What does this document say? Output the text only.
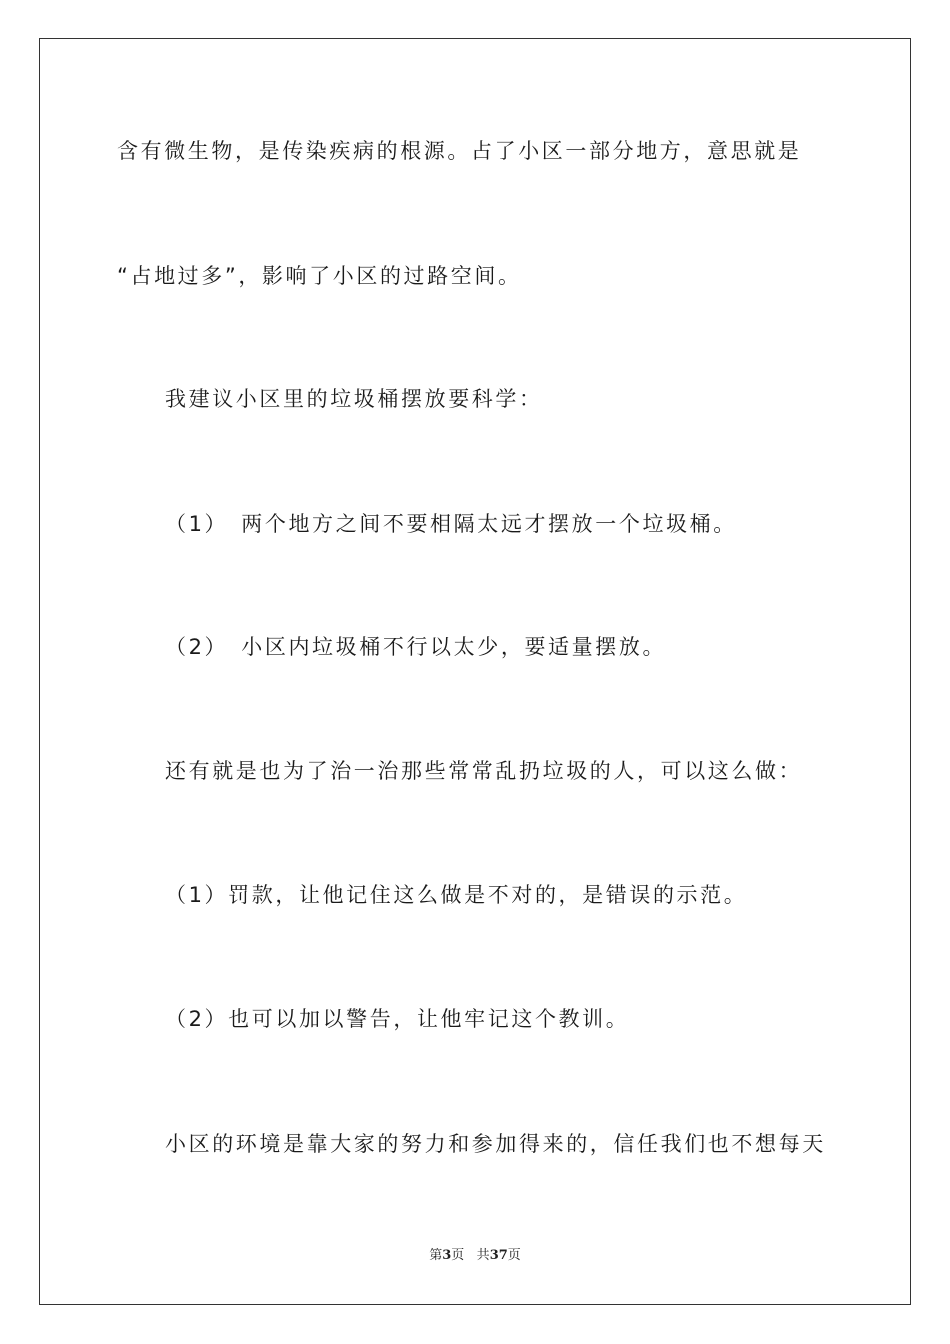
含有微生物，是传染疾病的根源。占了小区一部分地方，意思就是
“占地过多”，影响了小区的过路空间。
我建议小区里的垃圾桶摆放要科学：
（1）　两个地方之间不要相隔太远才摆放一个垃圾桶。
（2）　小区内垃圾桶不行以太少，要适量摆放。
还有就是也为了治一治那些常常乱扔垃圾的人，可以这么做：
（1）罚款，让他记住这么做是不对的，是错误的示范。
（2）也可以加以警告，让他牢记这个教训。
小区的环境是靠大家的努力和参加得来的，信任我们也不想每天
第3页 共37页
